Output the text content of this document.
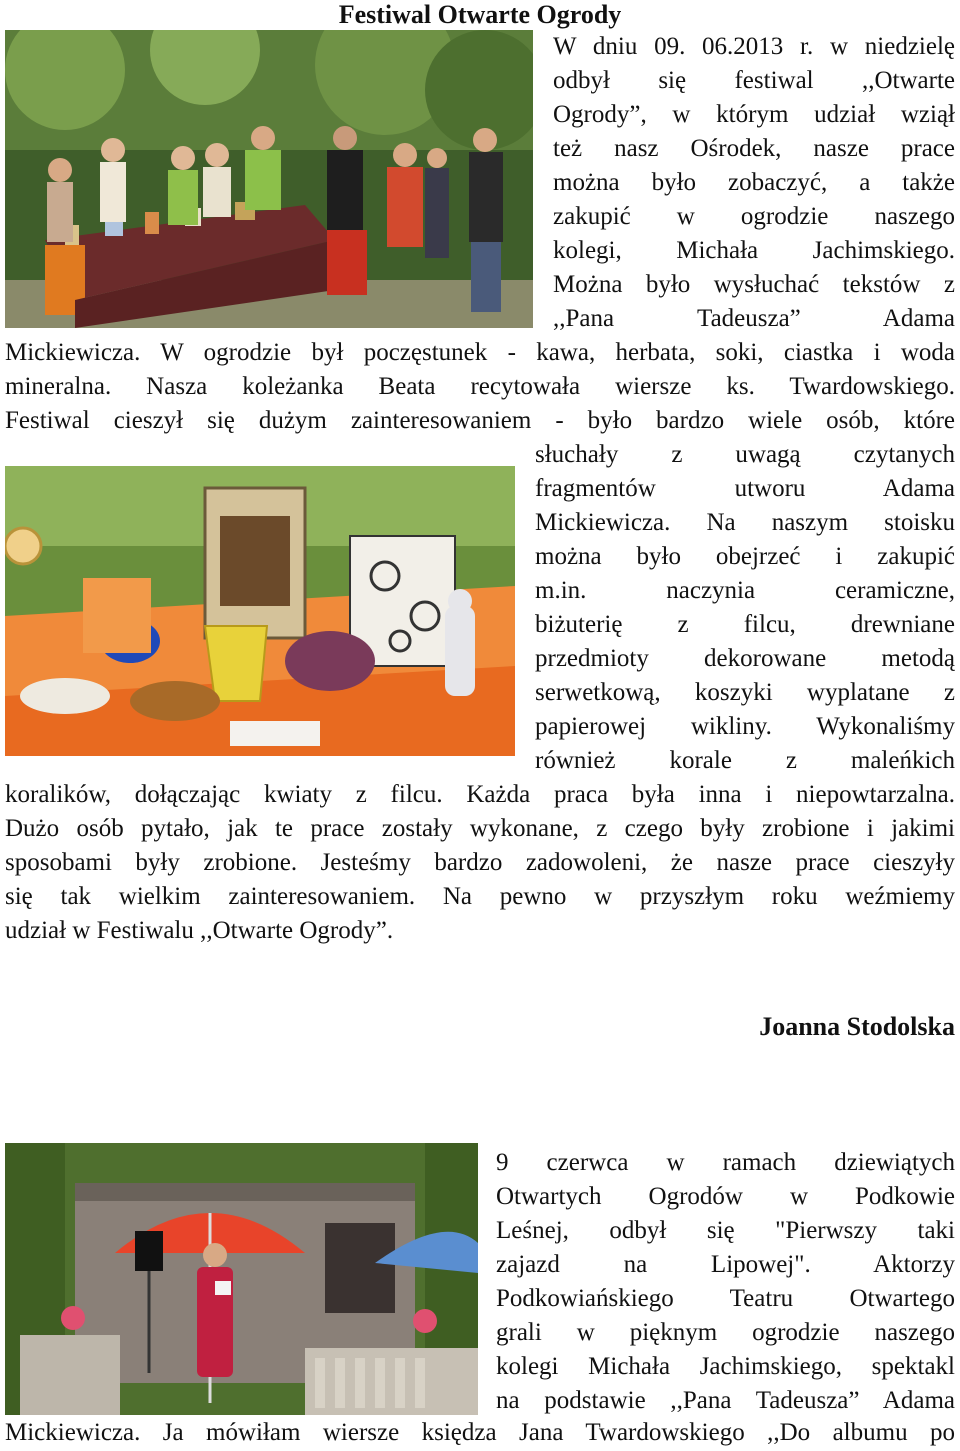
Festiwal Otwarte Ogrody
W dniu 09. 06.2013 r. w niedzielę
odbył się festiwal ,,Otwarte
Ogrody”, w którym udział wziął
też nasz Ośrodek, nasze prace
można było zobaczyć, a także
zakupić w ogrodzie naszego
kolegi, Michała Jachimskiego.
Można było wysłuchać tekstów z
,,Pana Tadeusza” Adama
Mickiewicza. W ogrodzie był poczęstunek - kawa, herbata, soki, ciastka i woda
mineralna. Nasza koleżanka Beata recytowała wiersze ks. Twardowskiego.
Festiwal cieszył się dużym zainteresowaniem - było bardzo wiele osób, które
słuchały z uwagą czytanych
fragmentów utworu Adama
Mickiewicza. Na naszym stoisku
można było obejrzeć i zakupić
m.in. naczynia ceramiczne,
biżuterię z filcu, drewniane
przedmioty dekorowane metodą
serwetkową, koszyki wyplatane z
papierowej wikliny. Wykonaliśmy
również korale z maleńkich
koralików, dołączając kwiaty z filcu. Każda praca była inna i niepowtarzalna.
Dużo osób pytało, jak te prace zostały wykonane, z czego były zrobione i jakimi
sposobami były zrobione. Jesteśmy bardzo zadowoleni, że nasze prace cieszyły
się tak wielkim zainteresowaniem. Na pewno w przyszłym roku weźmiemy
udział w Festiwalu ,,Otwarte Ogrody”.
Joanna Stodolska
9 czerwca w ramach dziewiątych
Otwartych Ogrodów w Podkowie
Leśnej, odbył się "Pierwszy taki
zajazd na Lipowej". Aktorzy
Podkowiańskiego Teatru Otwartego
grali w pięknym ogrodzie naszego
kolegi Michała Jachimskiego, spektakl
na podstawie ,,Pana Tadeusza” Adama
Mickiewicza. Ja mówiłam wiersze księdza Jana Twardowskiego ,,Do albumu po
